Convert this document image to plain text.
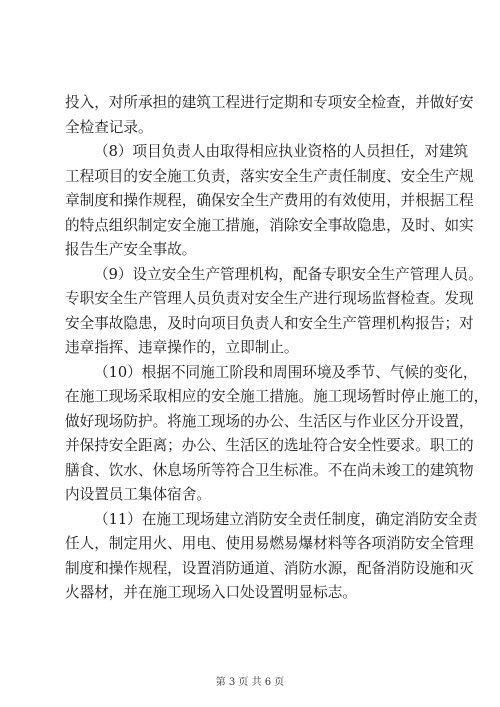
投入，对所承担的建筑工程进行定期和专项安全检查，并做好安
全检查记录。
（8）项目负责人由取得相应执业资格的人员担任，对建筑
工程项目的安全施工负责，落实安全生产责任制度、安全生产规
章制度和操作规程，确保安全生产费用的有效使用，并根据工程
的特点组织制定安全施工措施，消除安全事故隐患，及时、如实
报告生产安全事故。
（9）设立安全生产管理机构，配备专职安全生产管理人员。
专职安全生产管理人员负责对安全生产进行现场监督检查。发现
安全事故隐患，及时向项目负责人和安全生产管理机构报告；对
违章指挥、违章操作的，立即制止。
（10）根据不同施工阶段和周围环境及季节、气候的变化，
在施工现场采取相应的安全施工措施。施工现场暂时停止施工的，
做好现场防护。将施工现场的办公、生活区与作业区分开设置，
并保持安全距离；办公、生活区的选址符合安全性要求。职工的
膳食、饮水、休息场所等符合卫生标准。不在尚未竣工的建筑物
内设置员工集体宿舍。
（11）在施工现场建立消防安全责任制度，确定消防安全责
任人，制定用火、用电、使用易燃易爆材料等各项消防安全管理
制度和操作规程，设置消防通道、消防水源，配备消防设施和灭
火器材，并在施工现场入口处设置明显标志。
第 3 页 共 6 页
